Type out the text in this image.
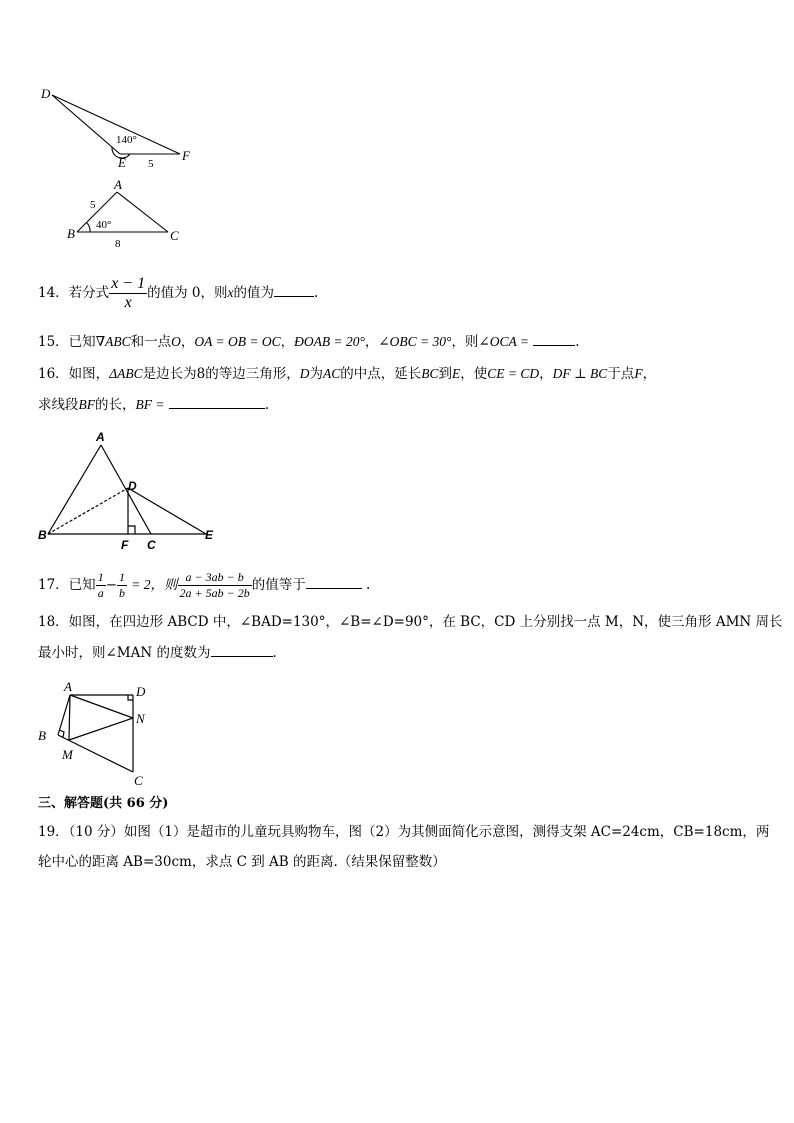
D
140°
E 5
F
A
5
B
40°
C
8
14．若分式 $\frac{x - 1}{x}$ 的值为 0，则x的值为	.
15．已知∇ABC和一点O，OA = OB = OC，ÐOAB = 20°，∠OBC = 30°，则∠OCA =	.
16．如图，ΔABC是边长为8的等边三角形，D为AC的中点，延长BC到E，使CE = CD，DF ⊥ BC于点F，
求线段BF的长，BF =	.
A
D
B
F C
E
17．已知 $\frac{1}{a} - \frac{1}{b} = 2$，则 $\frac{a - 3ab - b}{2a + 5ab - 2b}$ 的值等于	.
18．如图，在四边形 ABCD 中，∠BAD=130°，∠B=∠D=90°，在 BC，CD 上分别找一点 M，N，使三角形 AMN 周长
最小时，则∠MAN 的度数为	.
A	D
N
B
M
C
三、解答题(共 66 分)
19．（10 分）如图（1）是超市的儿童玩具购物车，图（2）为其侧面简化示意图，测得支架 AC=24cm，CB=18cm，两
轮中心的距离 AB=30cm，求点 C 到 AB 的距离.（结果保留整数）
